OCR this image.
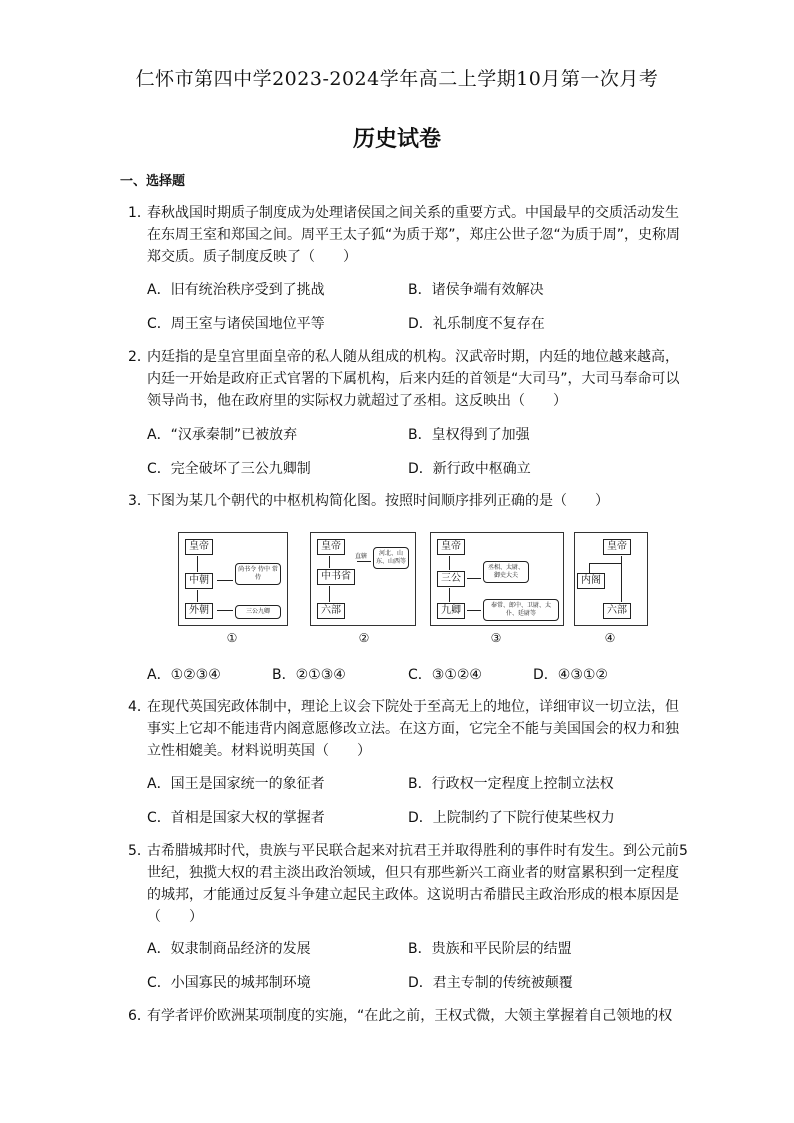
仁怀市第四中学2023-2024学年高二上学期10月第一次月考
历史试卷
一、选择题
1．
春秋战国时期质子制度成为处理诸侯国之间关系的重要方式。中国最早的交质活动发生在东周王室和郑国之间。周平王太子狐“为质于郑”，郑庄公世子忽“为质于周”，史称周郑交质。质子制度反映了（　　）
A．旧有统治秩序受到了挑战	B．诸侯争端有效解决
C．周王室与诸侯国地位平等	D．礼乐制度不复存在
2．
内廷指的是皇宫里面皇帝的私人随从组成的机构。汉武帝时期，内廷的地位越来越高，内廷一开始是政府正式官署的下属机构，后来内廷的首领是“大司马”，大司马奉命可以领导尚书，他在政府里的实际权力就超过了丞相。这反映出（　　）
A．“汉承秦制”已被放弃	B．皇权得到了加强
C．完全破坏了三公九卿制	D．新行政中枢确立
3．
下图为某几个朝代的中枢机构简化图。按照时间顺序排列正确的是（　　）
皇帝
中朝
尚书令 侍中 常侍
外朝	三公九卿
①
皇帝
中书省
直辖	河北、山东、山西等
六部
②
皇帝
三公
丞相、太尉、御史大夫
九卿	奉常、郎中、卫尉、太仆、廷尉等
③
皇帝
内阁
六部
④
A．①②③④	B．②①③④	C．③①②④	D．④③①②
4．
在现代英国宪政体制中，理论上议会下院处于至高无上的地位，详细审议一切立法，但事实上它却不能违背内阁意愿修改立法。在这方面，它完全不能与美国国会的权力和独立性相媲美。材料说明英国（　　）
A．国王是国家统一的象征者	B．行政权一定程度上控制立法权
C．首相是国家大权的掌握者	D．上院制约了下院行使某些权力
5．
古希腊城邦时代，贵族与平民联合起来对抗君王并取得胜利的事件时有发生。到公元前5世纪，独揽大权的君主淡出政治领域，但只有那些新兴工商业者的财富累积到一定程度的城邦，才能通过反复斗争建立起民主政体。这说明古希腊民主政治形成的根本原因是（　　）
A．奴隶制商品经济的发展	B．贵族和平民阶层的结盟
C．小国寡民的城邦制环境	D．君主专制的传统被颠覆
6．
有学者评价欧洲某项制度的实施，“在此之前，王权式微，大领主掌握着自己领地的权
